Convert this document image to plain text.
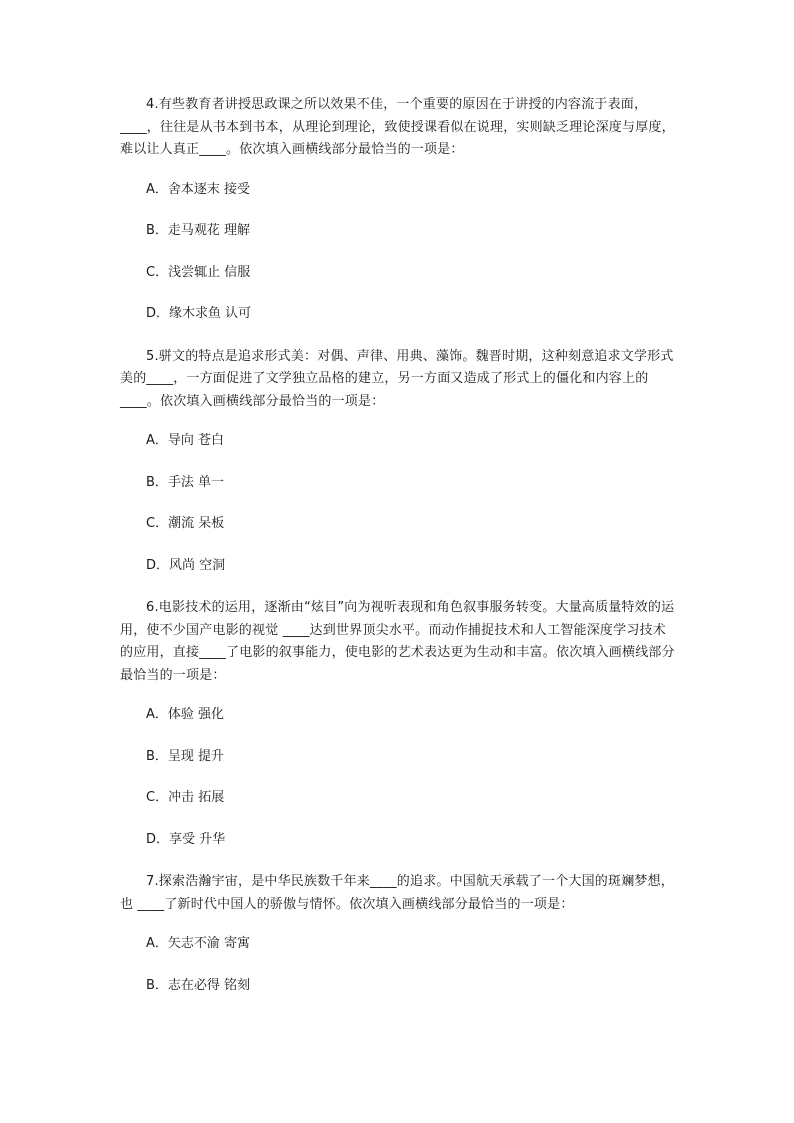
4.有些教育者讲授思政课之所以效果不佳，一个重要的原因在于讲授的内容流于表面，____，往往是从书本到书本，从理论到理论，致使授课看似在说理，实则缺乏理论深度与厚度，难以让人真正____。依次填入画横线部分最恰当的一项是：

A．舍本逐末 接受
B．走马观花 理解
C．浅尝辄止 信服
D．缘木求鱼 认可

5.骈文的特点是追求形式美：对偶、声律、用典、藻饰。魏晋时期，这种刻意追求文学形式美的____，一方面促进了文学独立品格的建立，另一方面又造成了形式上的僵化和内容上的____。依次填入画横线部分最恰当的一项是：

A．导向 苍白
B．手法 单一
C．潮流 呆板
D．风尚 空洞

6.电影技术的运用，逐渐由“炫目”向为视听表现和角色叙事服务转变。大量高质量特效的运用，使不少国产电影的视觉 ____达到世界顶尖水平。而动作捕捉技术和人工智能深度学习技术的应用，直接____了电影的叙事能力，使电影的艺术表达更为生动和丰富。依次填入画横线部分最恰当的一项是：

A．体验 强化
B．呈现 提升
C．冲击 拓展
D．享受 升华

7.探索浩瀚宇宙，是中华民族数千年来____的追求。中国航天承载了一个大国的斑斓梦想，也 ____了新时代中国人的骄傲与情怀。依次填入画横线部分最恰当的一项是：

A．矢志不渝 寄寓
B．志在必得 铭刻
